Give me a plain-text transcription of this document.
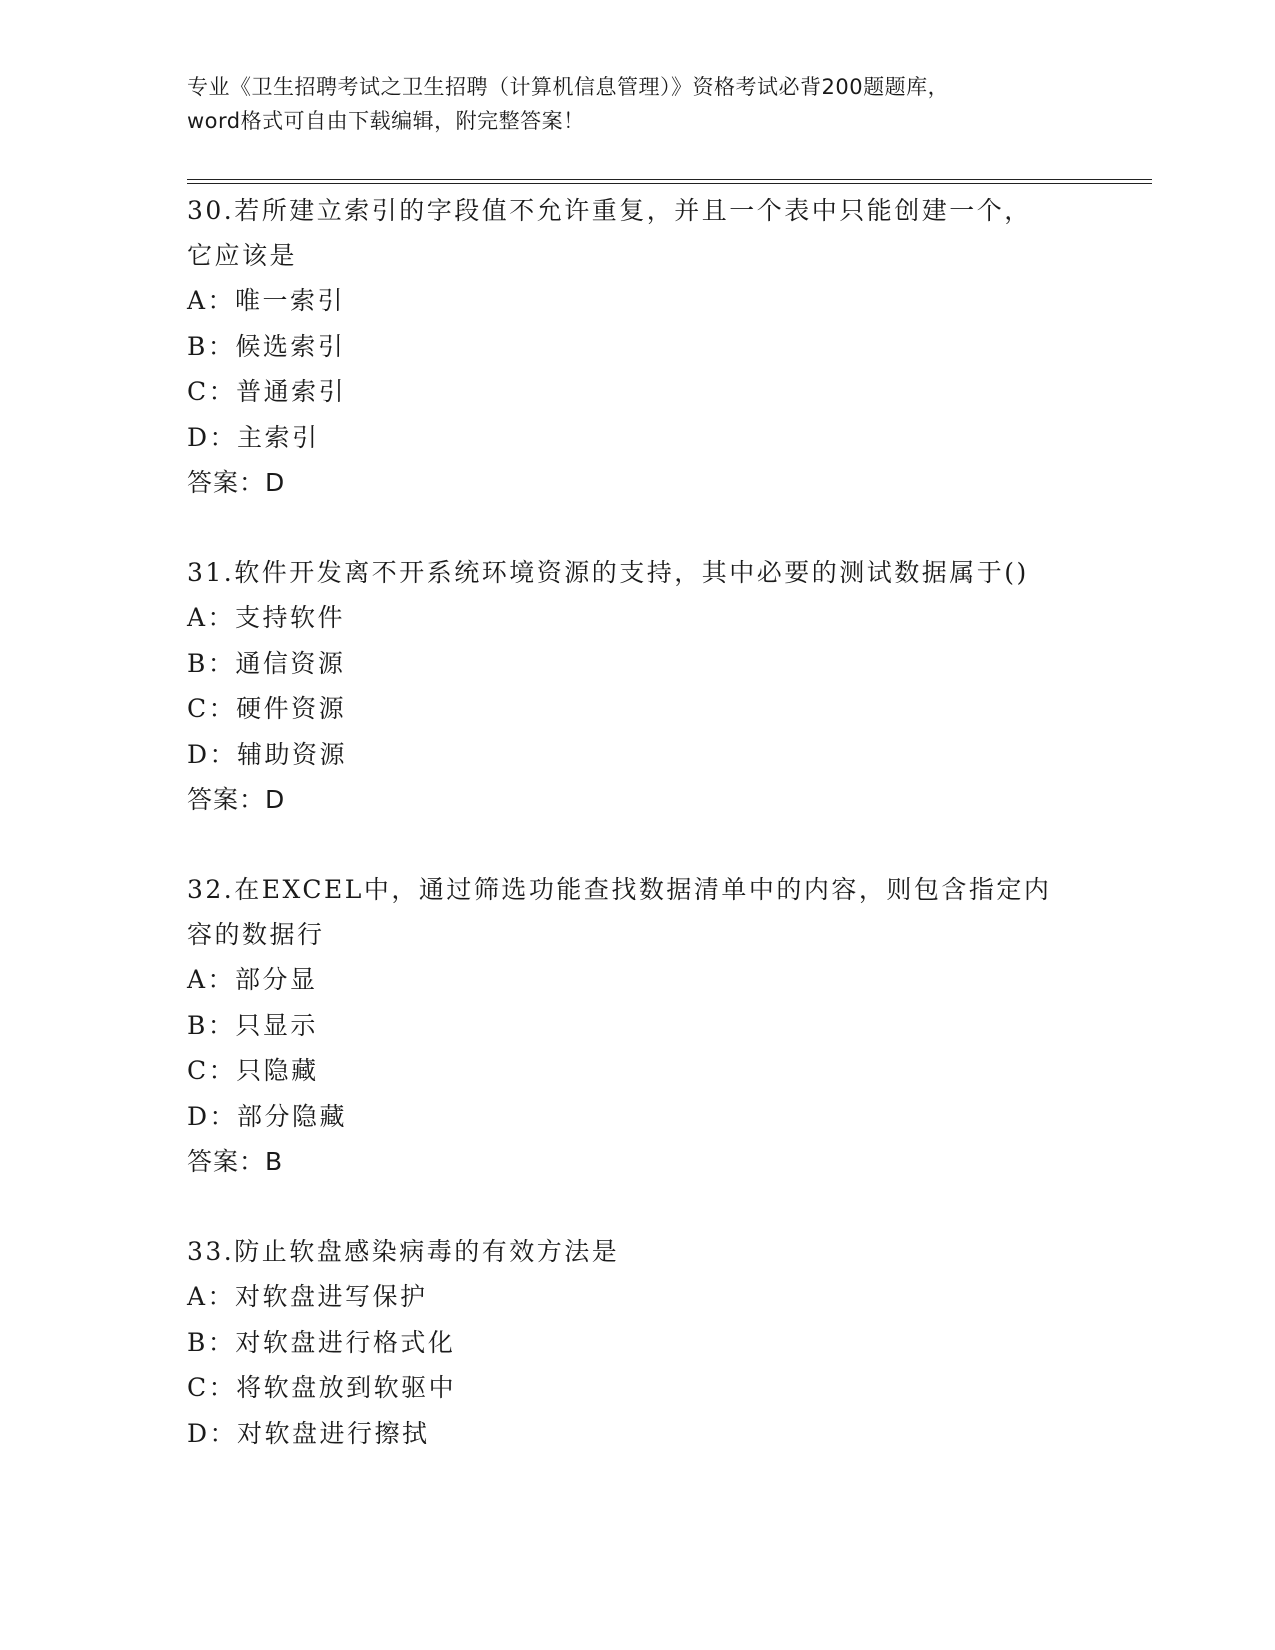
专业《卫生招聘考试之卫生招聘（计算机信息管理）》资格考试必背200题题库，
word格式可自由下载编辑，附完整答案！
30.若所建立索引的字段值不允许重复，并且一个表中只能创建一个，
它应该是
A：唯一索引
B：候选索引
C：普通索引
D：主索引
答案：D
31.软件开发离不开系统环境资源的支持，其中必要的测试数据属于()
A：支持软件
B：通信资源
C：硬件资源
D：辅助资源
答案：D
32.在EXCEL中，通过筛选功能查找数据清单中的内容，则包含指定内
容的数据行
A：部分显
B：只显示
C：只隐藏
D：部分隐藏
答案：B
33.防止软盘感染病毒的有效方法是
A：对软盘进写保护
B：对软盘进行格式化
C：将软盘放到软驱中
D：对软盘进行擦拭
